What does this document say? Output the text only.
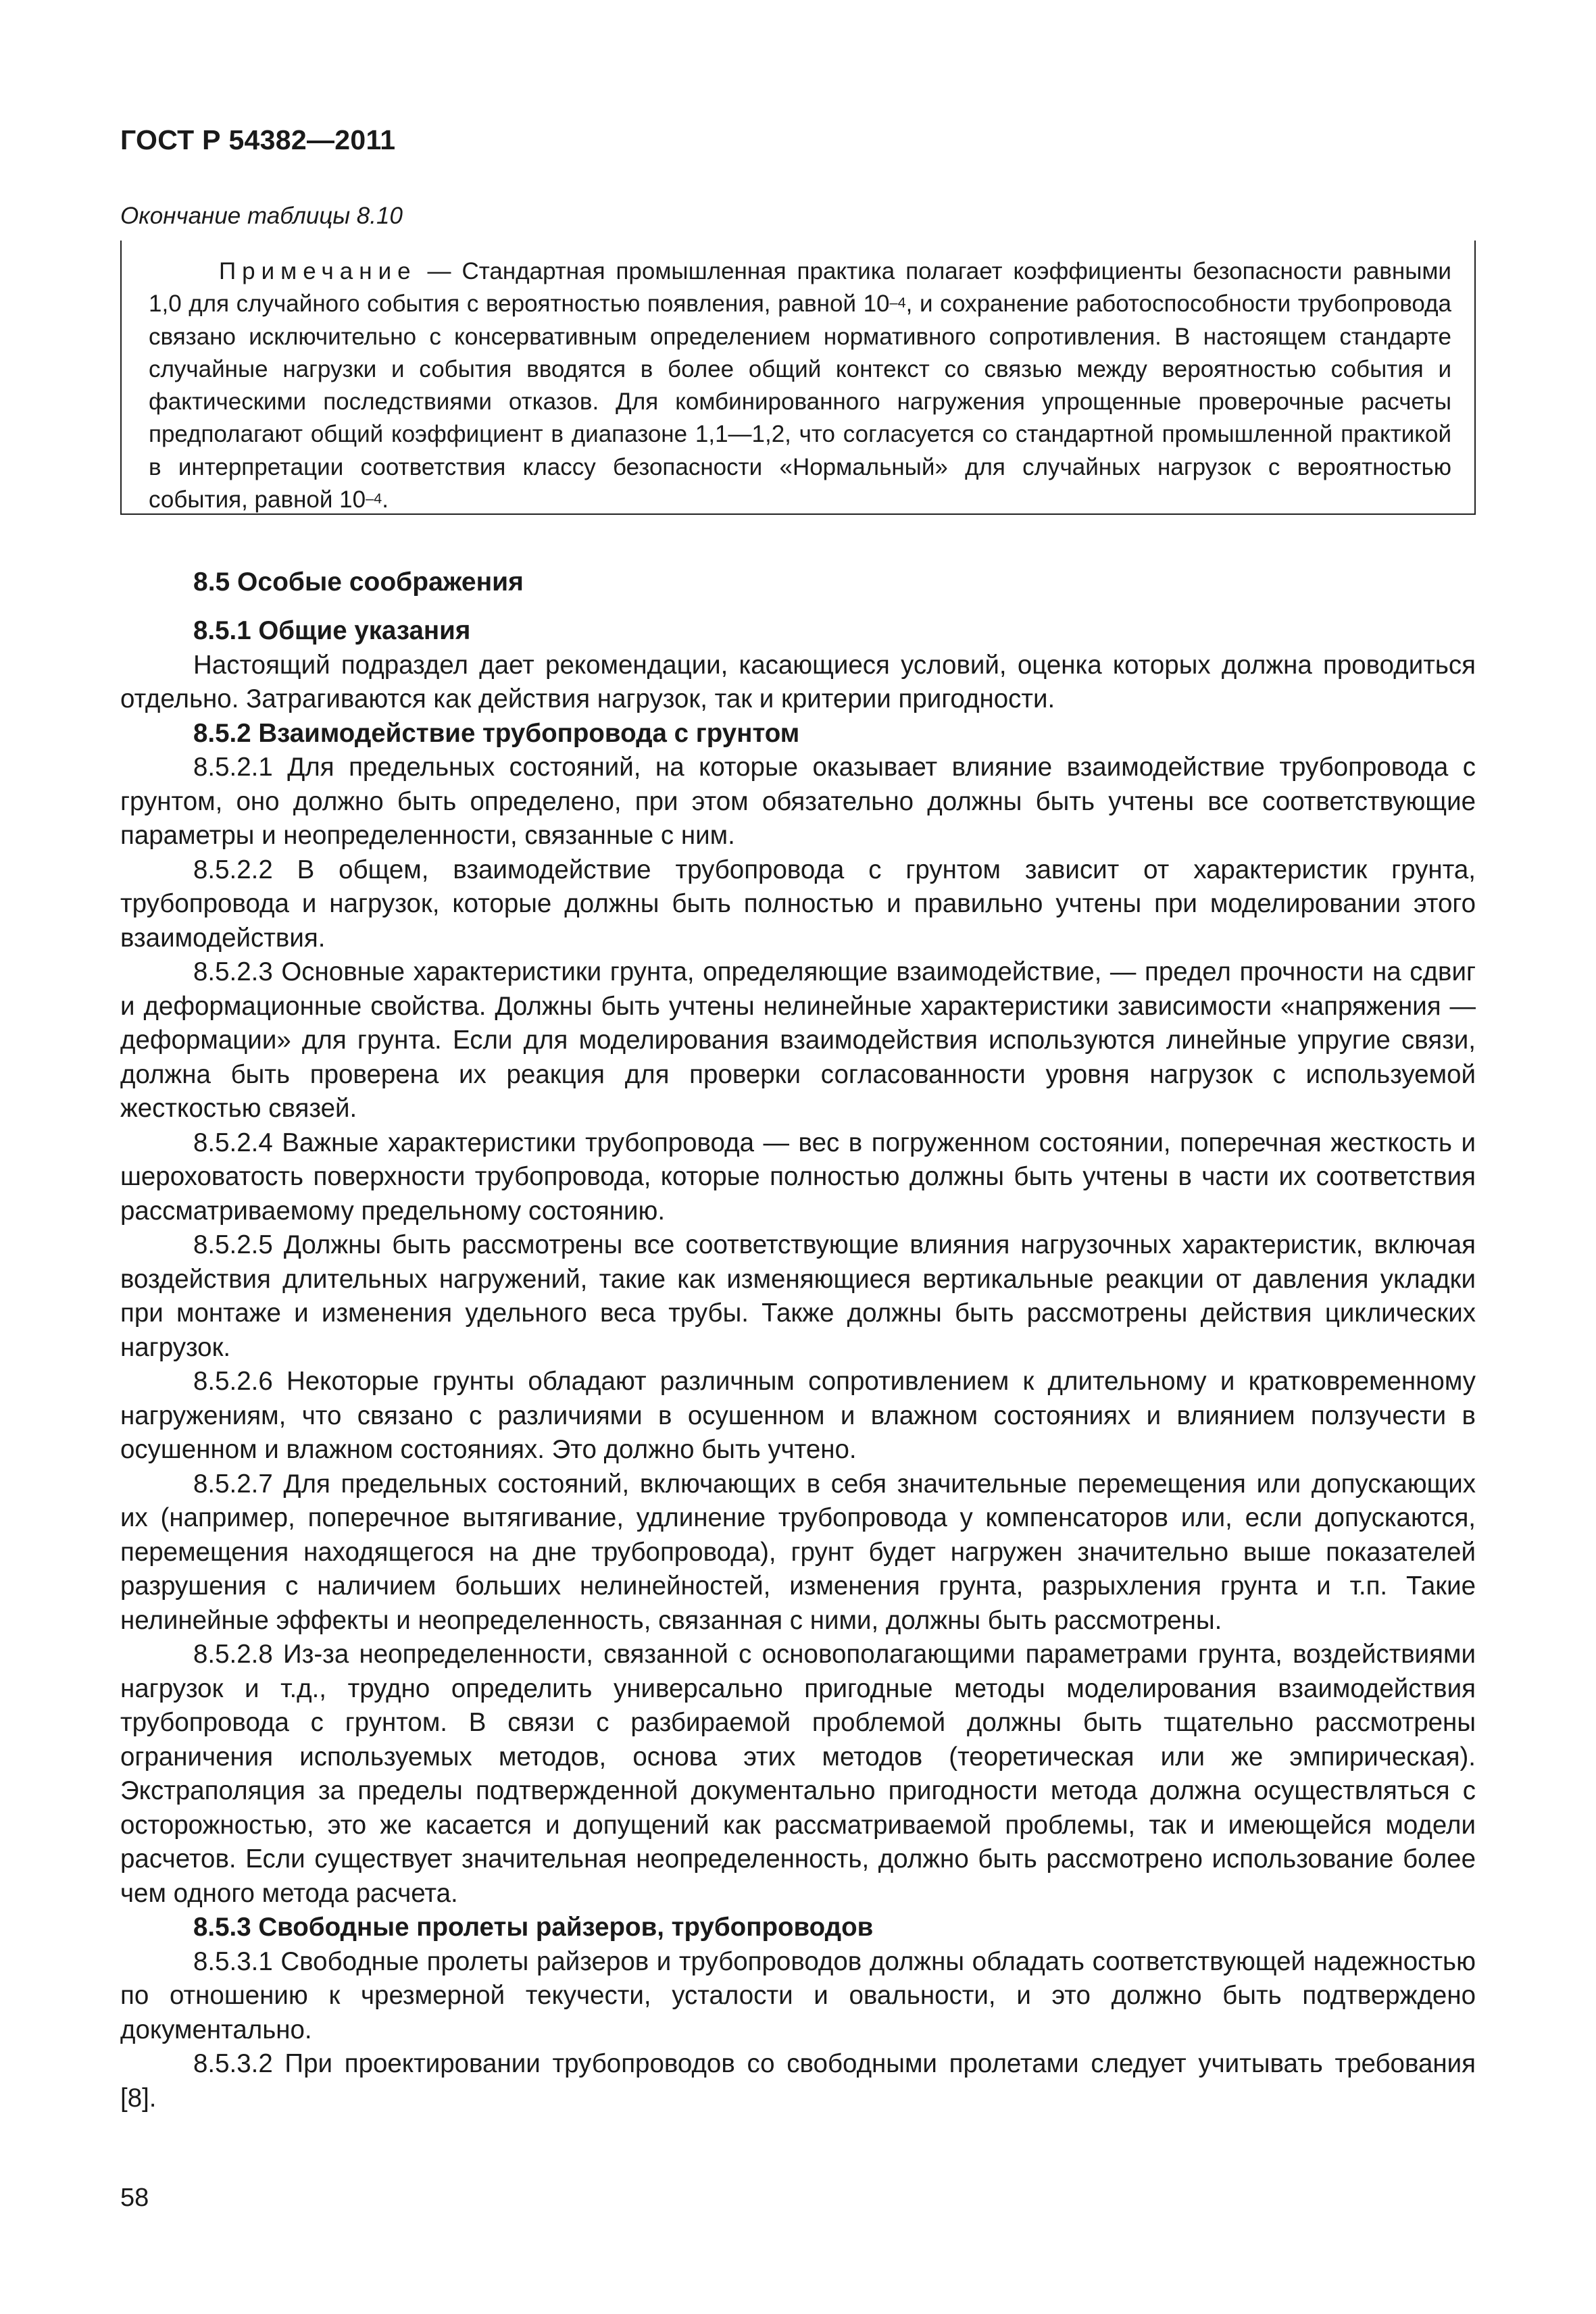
ГОСТ Р 54382—2011
Окончание таблицы 8.10
Примечание — Стандартная промышленная практика полагает коэффициенты безопасности равными 1,0 для случайного события с вероятностью появления, равной $10^{-4}$, и сохранение работоспособности трубопровода связано исключительно с консервативным определением нормативного сопротивления. В настоящем стандарте случайные нагрузки и события вводятся в более общий контекст со связью между вероятностью события и фактическими последствиями отказов. Для комбинированного нагружения упрощенные проверочные расчеты предполагают общий коэффициент в диапазоне 1,1—1,2, что согласуется со стандартной промышленной практикой в интерпретации соответствия классу безопасности «Нормальный» для случайных нагрузок с вероятностью события, равной $10^{-4}$.
8.5 Особые соображения
8.5.1 Общие указания

Настоящий подраздел дает рекомендации, касающиеся условий, оценка которых должна проводиться отдельно. Затрагиваются как действия нагрузок, так и критерии пригодности.

8.5.2 Взаимодействие трубопровода с грунтом

8.5.2.1 Для предельных состояний, на которые оказывает влияние взаимодействие трубопровода с грунтом, оно должно быть определено, при этом обязательно должны быть учтены все соответствующие параметры и неопределенности, связанные с ним.

8.5.2.2 В общем, взаимодействие трубопровода с грунтом зависит от характеристик грунта, трубопровода и нагрузок, которые должны быть полностью и правильно учтены при моделировании этого взаимодействия.

8.5.2.3 Основные характеристики грунта, определяющие взаимодействие, — предел прочности на сдвиг и деформационные свойства. Должны быть учтены нелинейные характеристики зависимости «напряжения — деформации» для грунта. Если для моделирования взаимодействия используются линейные упругие связи, должна быть проверена их реакция для проверки согласованности уровня нагрузок с используемой жесткостью связей.

8.5.2.4 Важные характеристики трубопровода — вес в погруженном состоянии, поперечная жесткость и шероховатость поверхности трубопровода, которые полностью должны быть учтены в части их соответствия рассматриваемому предельному состоянию.

8.5.2.5 Должны быть рассмотрены все соответствующие влияния нагрузочных характеристик, включая воздействия длительных нагружений, такие как изменяющиеся вертикальные реакции от давления укладки при монтаже и изменения удельного веса трубы. Также должны быть рассмотрены действия циклических нагрузок.

8.5.2.6 Некоторые грунты обладают различным сопротивлением к длительному и кратковременному нагружениям, что связано с различиями в осушенном и влажном состояниях и влиянием ползучести в осушенном и влажном состояниях. Это должно быть учтено.

8.5.2.7 Для предельных состояний, включающих в себя значительные перемещения или допускающих их (например, поперечное вытягивание, удлинение трубопровода у компенсаторов или, если допускаются, перемещения находящегося на дне трубопровода), грунт будет нагружен значительно выше показателей разрушения с наличием больших нелинейностей, изменения грунта, разрыхления грунта и т.п. Такие нелинейные эффекты и неопределенность, связанная с ними, должны быть рассмотрены.

8.5.2.8 Из-за неопределенности, связанной с основополагающими параметрами грунта, воздействиями нагрузок и т.д., трудно определить универсально пригодные методы моделирования взаимодействия трубопровода с грунтом. В связи с разбираемой проблемой должны быть тщательно рассмотрены ограничения используемых методов, основа этих методов (теоретическая или же эмпирическая). Экстраполяция за пределы подтвержденной документально пригодности метода должна осуществляться с осторожностью, это же касается и допущений как рассматриваемой проблемы, так и имеющейся модели расчетов. Если существует значительная неопределенность, должно быть рассмотрено использование более чем одного метода расчета.

8.5.3 Свободные пролеты райзеров, трубопроводов

8.5.3.1 Свободные пролеты райзеров и трубопроводов должны обладать соответствующей надежностью по отношению к чрезмерной текучести, усталости и овальности, и это должно быть подтверждено документально.

8.5.3.2 При проектировании трубопроводов со свободными пролетами следует учитывать требования [8].

58
